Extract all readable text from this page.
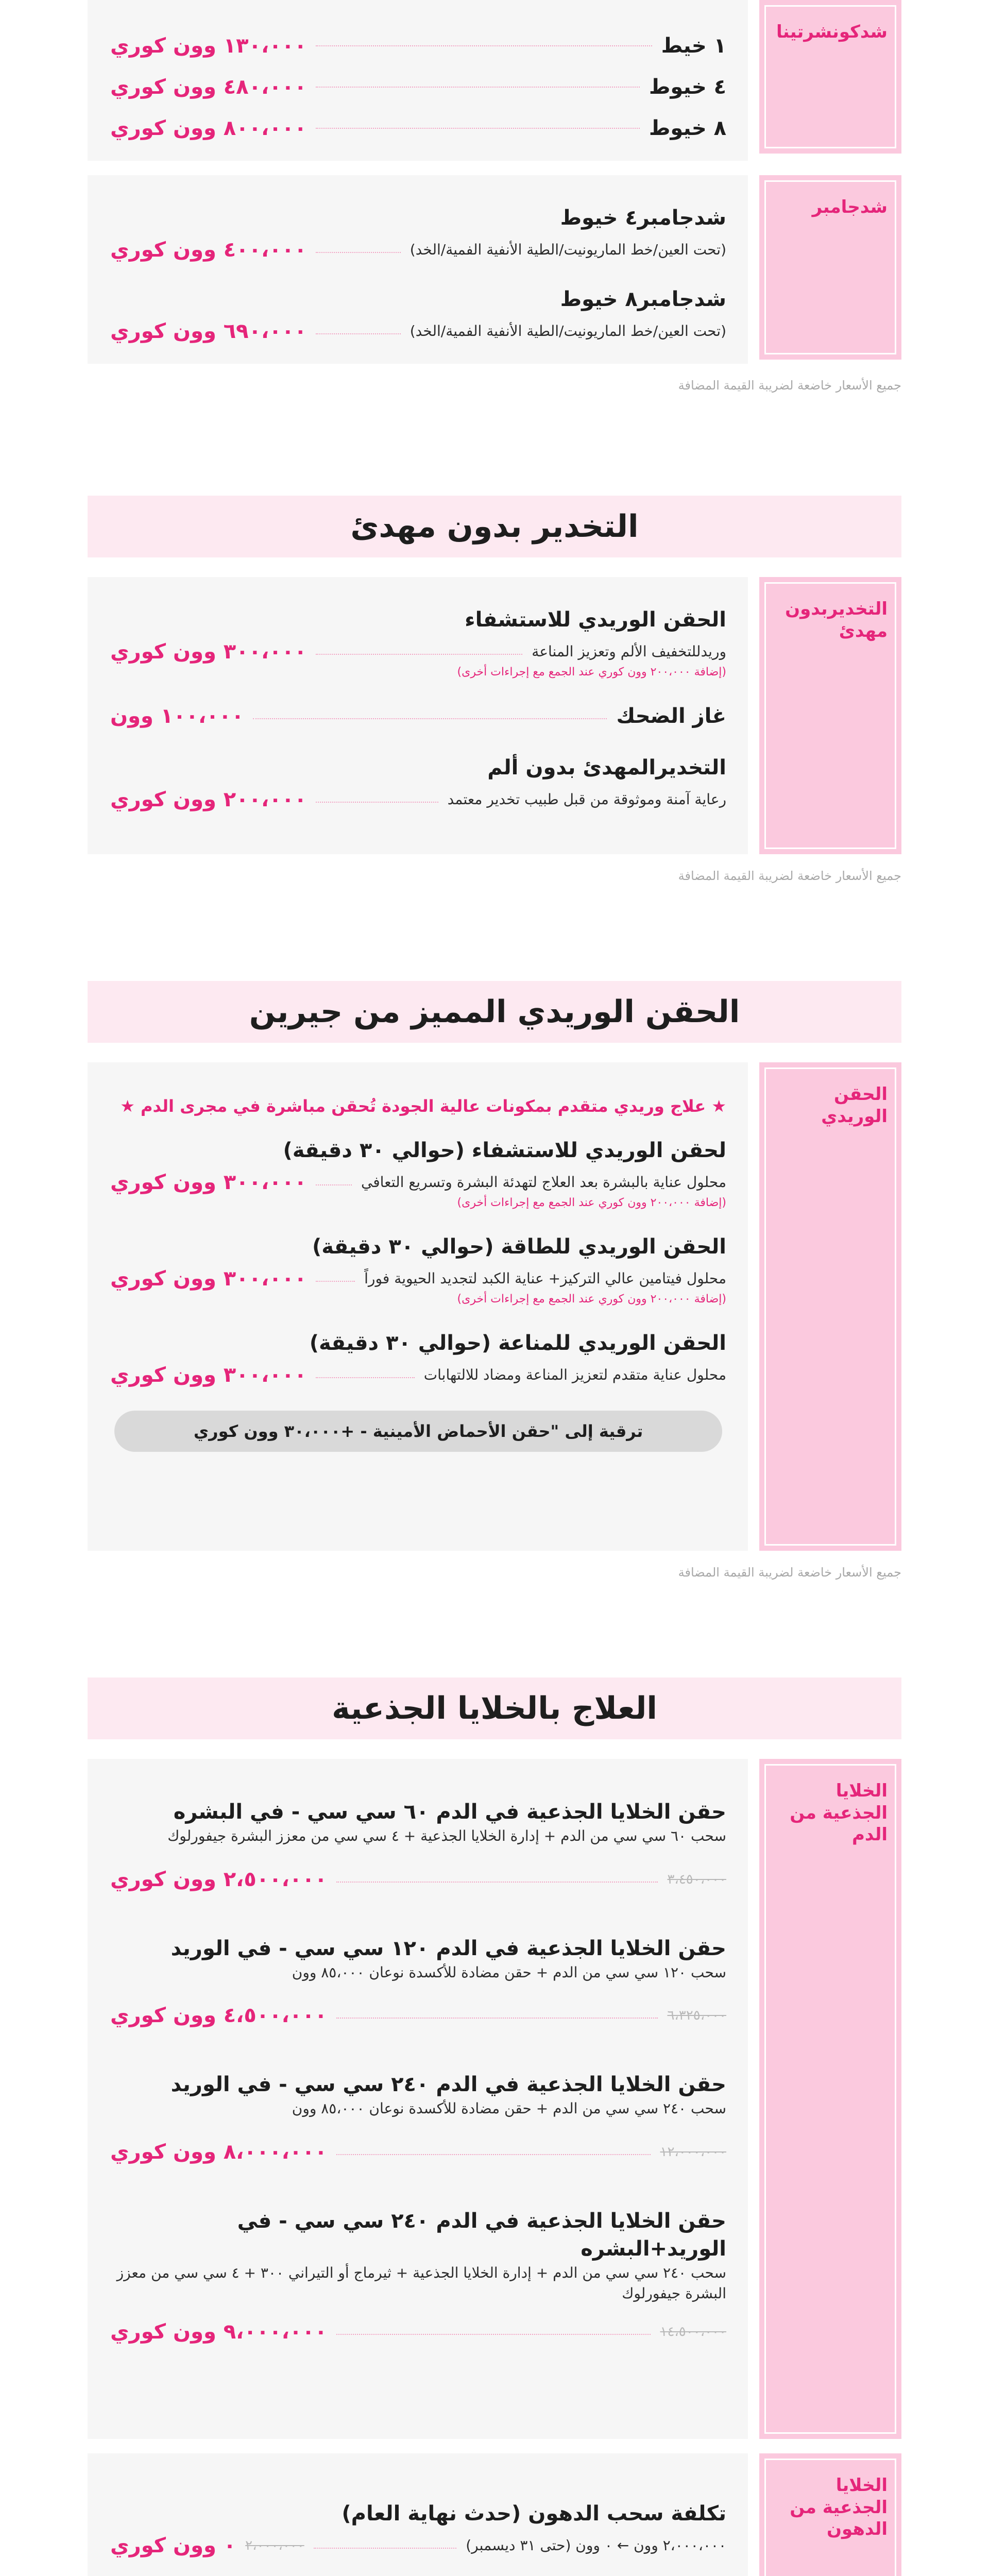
شدكونشرتينا
١ خيط
١٣٠،٠٠٠ وون كوري
٤ خيوط
٤٨٠،٠٠٠ وون كوري
٨ خيوط
٨٠٠،٠٠٠ وون كوري
شدجامبر
شدجامبر٤ خيوط
(تحت العين/خط الماريونيت/الطية الأنفية الفمية/الخد)
٤٠٠،٠٠٠ وون كوري
شدجامبر٨ خيوط
(تحت العين/خط الماريونيت/الطية الأنفية الفمية/الخد)
٦٩٠،٠٠٠ وون كوري
جميع الأسعار خاضعة لضريبة القيمة المضافة
التخدير بدون مهدئ
التخديربدون مهدئ
الحقن الوريدي للاستشفاء
وريدللتخفيف الألم وتعزيز المناعة
٣٠٠،٠٠٠ وون كوري
(إضافة ٢٠٠،٠٠٠ وون كوري عند الجمع مع إجراءات أخرى)
غاز الضحك
١٠٠،٠٠٠ وون
التخديرالمهدئ بدون ألم
رعاية آمنة وموثوقة من قبل طبيب تخدير معتمد
٢٠٠،٠٠٠ وون كوري
جميع الأسعار خاضعة لضريبة القيمة المضافة
الحقن الوريدي المميز من جيرين
الحقن الوريدي
★ علاج وريدي متقدم بمكونات عالية الجودة تُحقن مباشرة في مجرى الدم ★
لحقن الوريدي للاستشفاء (حوالي ٣٠ دقيقة)
محلول عناية بالبشرة بعد العلاج لتهدئة البشرة وتسريع التعافي
٣٠٠،٠٠٠ وون كوري
(إضافة ٢٠٠،٠٠٠ وون كوري عند الجمع مع إجراءات أخرى)
الحقن الوريدي للطاقة (حوالي ٣٠ دقيقة)
محلول فيتامين عالي التركيز+ عناية الكبد لتجديد الحيوية فوراً
٣٠٠،٠٠٠ وون كوري
(إضافة ٢٠٠،٠٠٠ وون كوري عند الجمع مع إجراءات أخرى)
الحقن الوريدي للمناعة (حوالي ٣٠ دقيقة)
محلول عناية متقدم لتعزيز المناعة ومضاد للالتهابات
٣٠٠،٠٠٠ وون كوري
ترقية إلى "حقن الأحماض الأمينية - +٣٠،٠٠٠ وون كوري
جميع الأسعار خاضعة لضريبة القيمة المضافة
العلاج بالخلايا الجذعية
الخلايا الجذعية من الدم
حقن الخلايا الجذعية في الدم ٦٠ سي سي - في البشره
سحب ٦٠ سي سي من الدم + إدارة الخلايا الجذعية + ٤ سي سي من معزز البشرة جيفورلوك
٣،٤٥٠،٠٠٠
٢،٥٠٠،٠٠٠ وون كوري
حقن الخلايا الجذعية في الدم ١٢٠ سي سي - في الوريد
سحب ١٢٠ سي سي من الدم + حقن مضادة للأكسدة نوعان ٨٥،٠٠٠ وون
٦،٣٢٥،٠٠٠
٤،٥٠٠،٠٠٠ وون كوري
حقن الخلايا الجذعية في الدم ٢٤٠ سي سي - في الوريد
سحب ٢٤٠ سي سي من الدم + حقن مضادة للأكسدة نوعان ٨٥،٠٠٠ وون
١٢،٠٠٠،٠٠٠
٨،٠٠٠،٠٠٠ وون كوري
حقن الخلايا الجذعية في الدم ٢٤٠ سي سي - في الوريد+البشره
سحب ٢٤٠ سي سي من الدم + إدارة الخلايا الجذعية + ثيرماج أو التيراني ٣٠٠ + ٤ سي سي من معزز البشرة جيفورلوك
١٤،٥٠٠،٠٠٠
٩،٠٠٠،٠٠٠ وون كوري
الخلايا الجذعية من الدهون
تكلفة سحب الدهون (حدث نهاية العام)
٢،٠٠٠،٠٠٠ وون ← ٠ وون (حتى ٣١ ديسمبر)
٢،٠٠٠،٠٠٠
٠ وون كوري
